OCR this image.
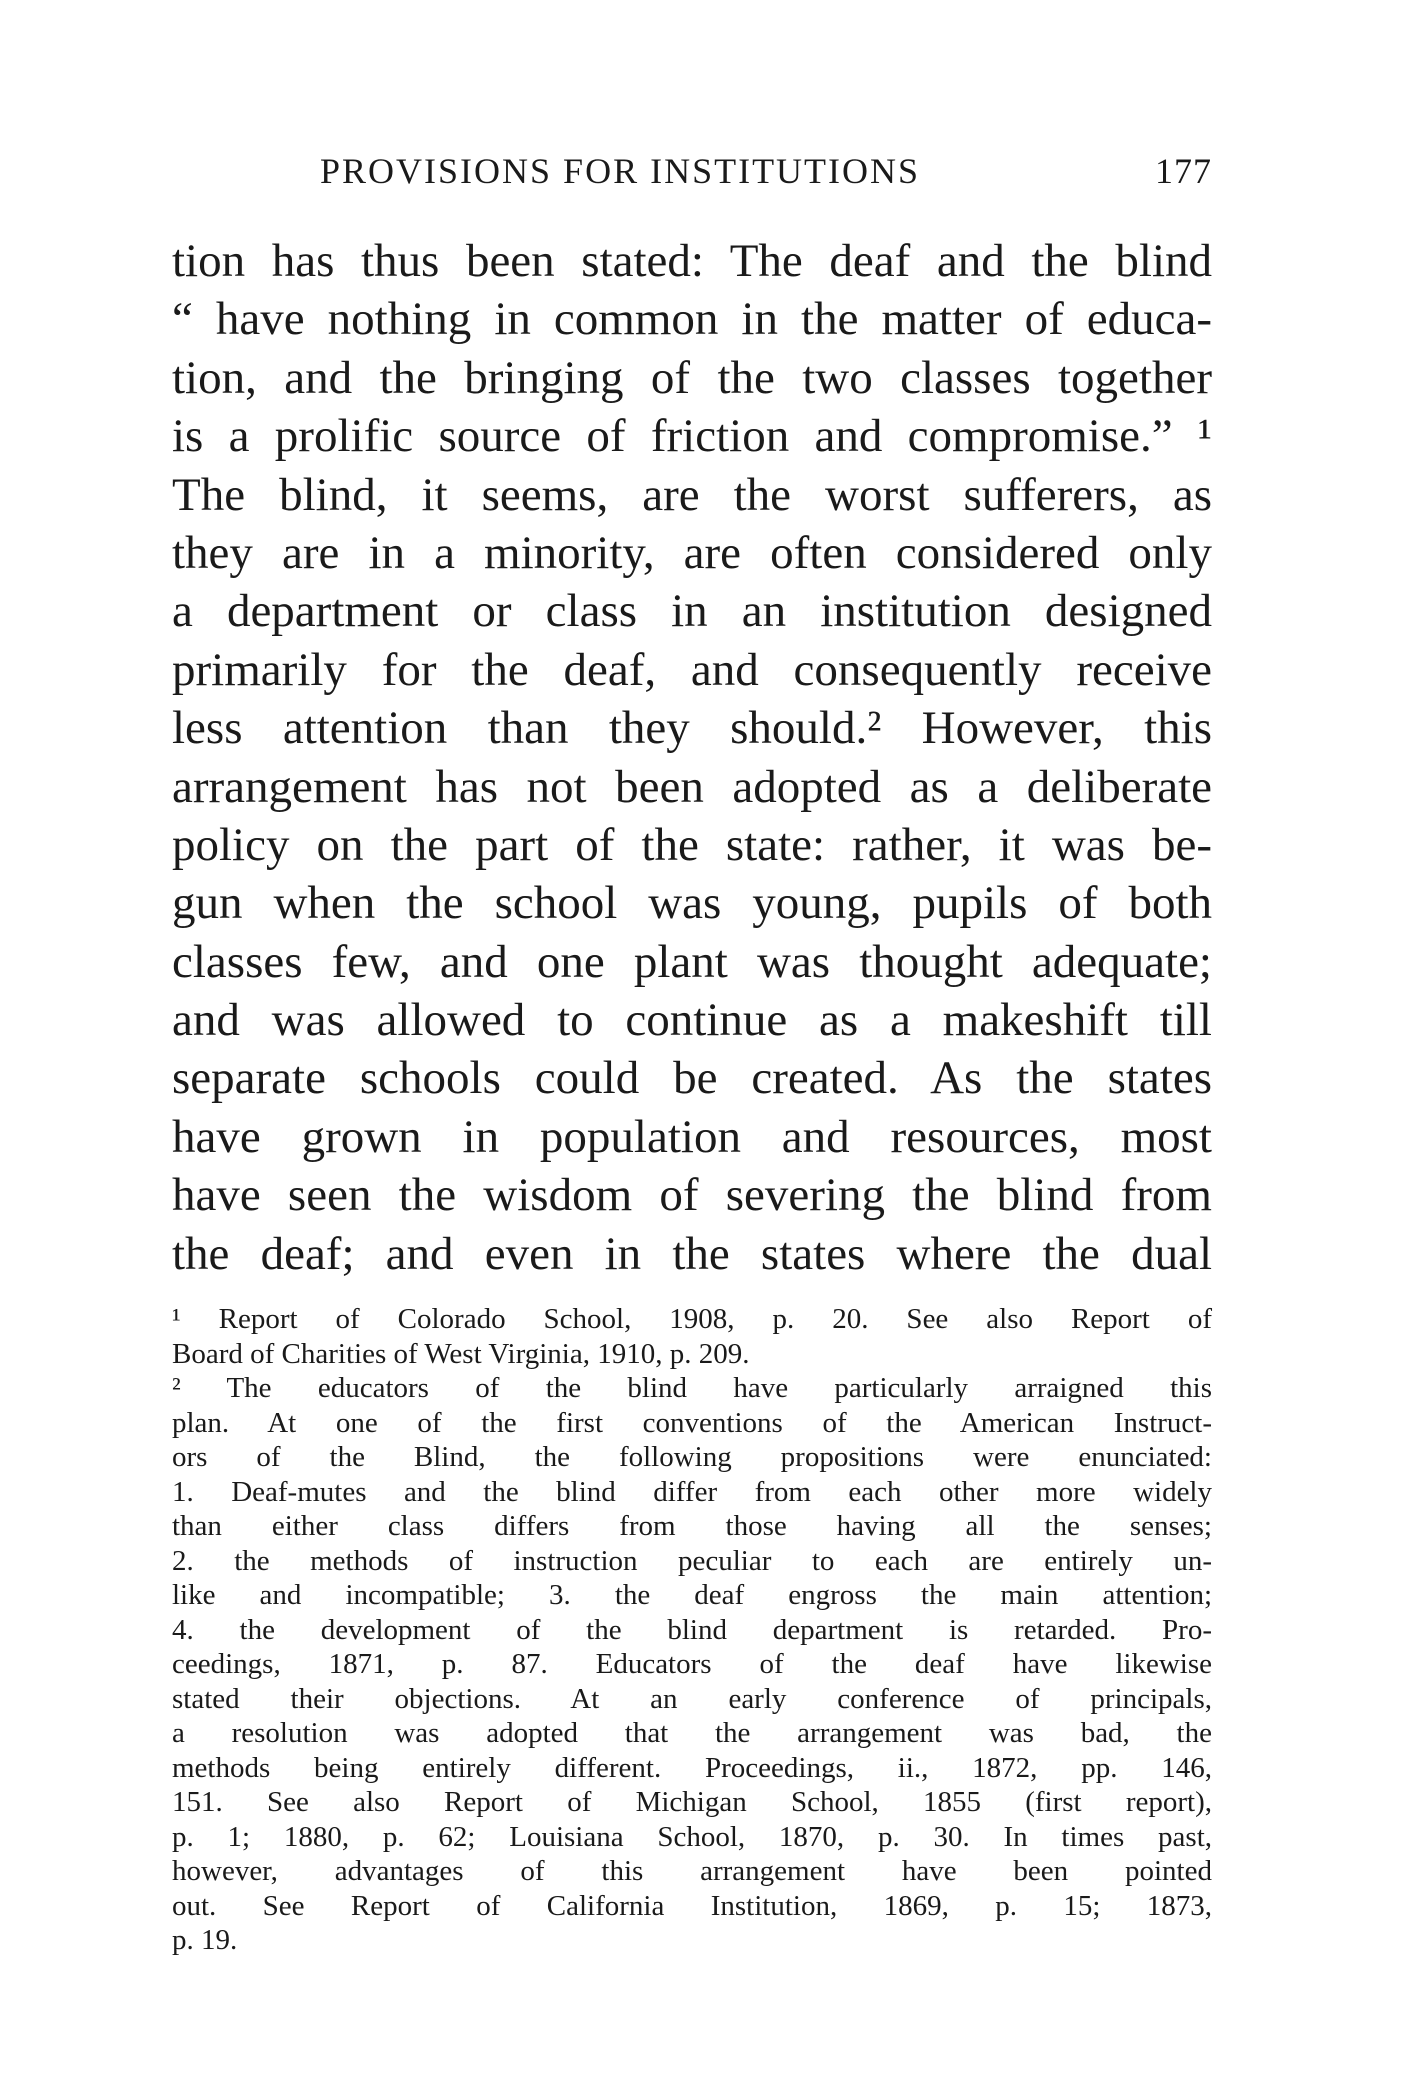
PROVISIONS FOR INSTITUTIONS	177
tion has thus been stated: The deaf and the blind
“ have nothing in common in the matter of educa-
tion, and the bringing of the two classes together
is a prolific source of friction and compromise.” ¹
The blind, it seems, are the worst sufferers, as
they are in a minority, are often considered only
a department or class in an institution designed
primarily for the deaf, and consequently receive
less attention than they should.² However, this
arrangement has not been adopted as a deliberate
policy on the part of the state: rather, it was be-
gun when the school was young, pupils of both
classes few, and one plant was thought adequate;
and was allowed to continue as a makeshift till
separate schools could be created. As the states
have grown in population and resources, most
have seen the wisdom of severing the blind from
the deaf; and even in the states where the dual
¹ Report of Colorado School, 1908, p. 20. See also Report of
Board of Charities of West Virginia, 1910, p. 209.
² The educators of the blind have particularly arraigned this
plan. At one of the first conventions of the American Instruct-
ors of the Blind, the following propositions were enunciated:
1. Deaf-mutes and the blind differ from each other more widely
than either class differs from those having all the senses;
2. the methods of instruction peculiar to each are entirely un-
like and incompatible; 3. the deaf engross the main attention;
4. the development of the blind department is retarded. Pro-
ceedings, 1871, p. 87. Educators of the deaf have likewise
stated their objections. At an early conference of principals,
a resolution was adopted that the arrangement was bad, the
methods being entirely different. Proceedings, ii., 1872, pp. 146,
151. See also Report of Michigan School, 1855 (first report),
p. 1; 1880, p. 62; Louisiana School, 1870, p. 30. In times past,
however, advantages of this arrangement have been pointed
out. See Report of California Institution, 1869, p. 15; 1873,
p. 19.
